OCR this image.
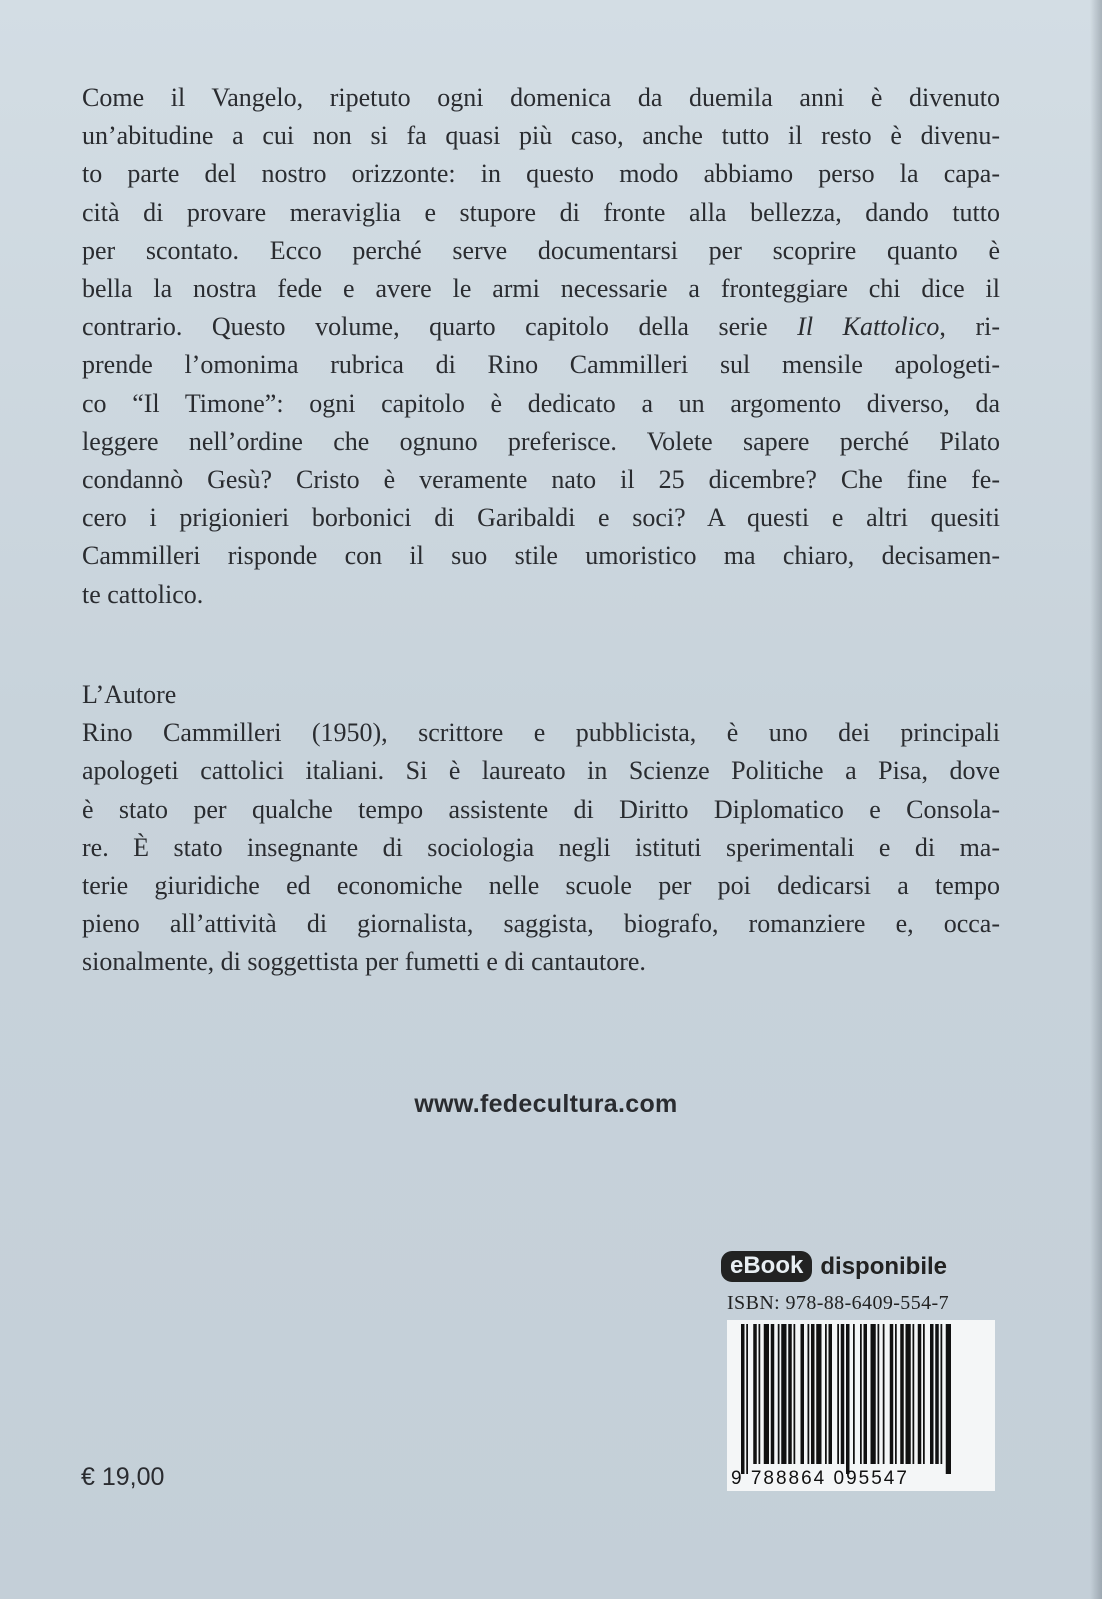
Come il Vangelo, ripetuto ogni domenica da duemila anni è divenuto
un’abitudine a cui non si fa quasi più caso, anche tutto il resto è divenu-
to parte del nostro orizzonte: in questo modo abbiamo perso la capa-
cità di provare meraviglia e stupore di fronte alla bellezza, dando tutto
per scontato. Ecco perché serve documentarsi per scoprire quanto è
bella la nostra fede e avere le armi necessarie a fronteggiare chi dice il
contrario. Questo volume, quarto capitolo della serie Il Kattolico, ri-
prende l’omonima rubrica di Rino Cammilleri sul mensile apologeti-
co “Il Timone”: ogni capitolo è dedicato a un argomento diverso, da
leggere nell’ordine che ognuno preferisce. Volete sapere perché Pilato
condannò Gesù? Cristo è veramente nato il 25 dicembre? Che fine fe-
cero i prigionieri borbonici di Garibaldi e soci? A questi e altri quesiti
Cammilleri risponde con il suo stile umoristico ma chiaro, decisamen-
te cattolico.
L’Autore
Rino Cammilleri (1950), scrittore e pubblicista, è uno dei principali
apologeti cattolici italiani. Si è laureato in Scienze Politiche a Pisa, dove
è stato per qualche tempo assistente di Diritto Diplomatico e Consola-
re. È stato insegnante di sociologia negli istituti sperimentali e di ma-
terie giuridiche ed economiche nelle scuole per poi dedicarsi a tempo
pieno all’attività di giornalista, saggista, biografo, romanziere e, occa-
sionalmente, di soggettista per fumetti e di cantautore.
www.fedecultura.com
eBook disponibile
ISBN: 978-88-6409-554-7
9 788864 095547
€ 19,00
